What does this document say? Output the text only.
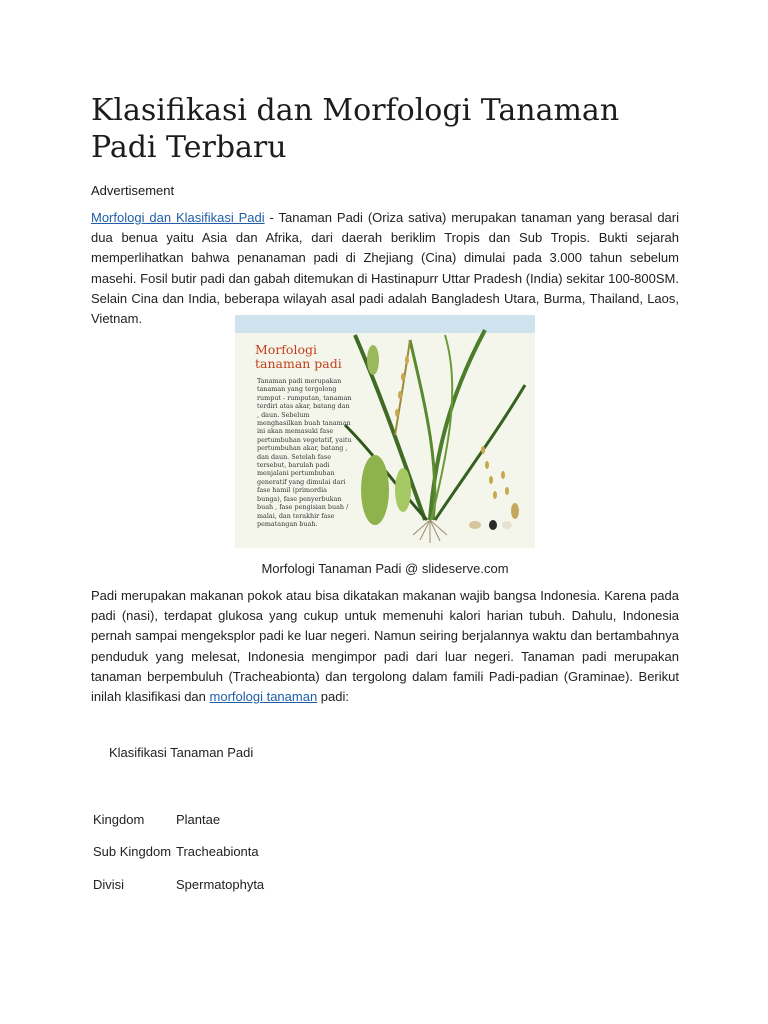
Klasifikasi dan Morfologi Tanaman Padi Terbaru
Advertisement

Morfologi dan Klasifikasi Padi - Tanaman Padi (Oriza sativa) merupakan tanaman yang berasal dari dua benua yaitu Asia dan Afrika, dari daerah beriklim Tropis dan Sub Tropis. Bukti sejarah memperlihatkan bahwa penanaman padi di Zhejiang (Cina) dimulai pada 3.000 tahun sebelum masehi. Fosil butir padi dan gabah ditemukan di Hastinapurr Uttar Pradesh (India) sekitar 100-800SM. Selain Cina dan India, beberapa wilayah asal padi adalah Bangladesh Utara, Burma, Thailand, Laos, Vietnam.

Morfologi tanaman padi
Tanaman padi merupakan tanaman yang tergolong rumput - rumputan, tanaman terdiri atas akar, batang dan , daun. Sebelum menghasilkan buah tanaman ini akan memasuki fase pertumbuhan vegetatif, yaitu pertumbuhan akar, batang , dan daun. Setelah fase tersebut, barulah padi menjalani pertumbuhan generatif yang dimulai dari fase hamil (primordia bunga), fase penyerbukan buah , fase pengisian buah / malai, dan terakhir fase pematangan buah.
Morfologi Tanaman Padi @ slideserve.com

Padi merupakan makanan pokok atau bisa dikatakan makanan wajib bangsa Indonesia. Karena pada padi (nasi), terdapat glukosa yang cukup untuk memenuhi kalori harian tubuh. Dahulu, Indonesia pernah sampai mengeksplor padi ke luar negeri. Namun seiring berjalannya waktu dan bertambahnya penduduk yang melesat, Indonesia mengimpor padi dari luar negeri. Tanaman padi merupakan tanaman berpembuluh (Tracheabionta) dan tergolong dalam famili Padi-padian (Graminae). Berikut inilah klasifikasi dan morfologi tanaman padi:

Klasifikasi Tanaman Padi
Kingdom Plantae
Sub Kingdom Tracheabionta
Divisi	Spermatophyta
